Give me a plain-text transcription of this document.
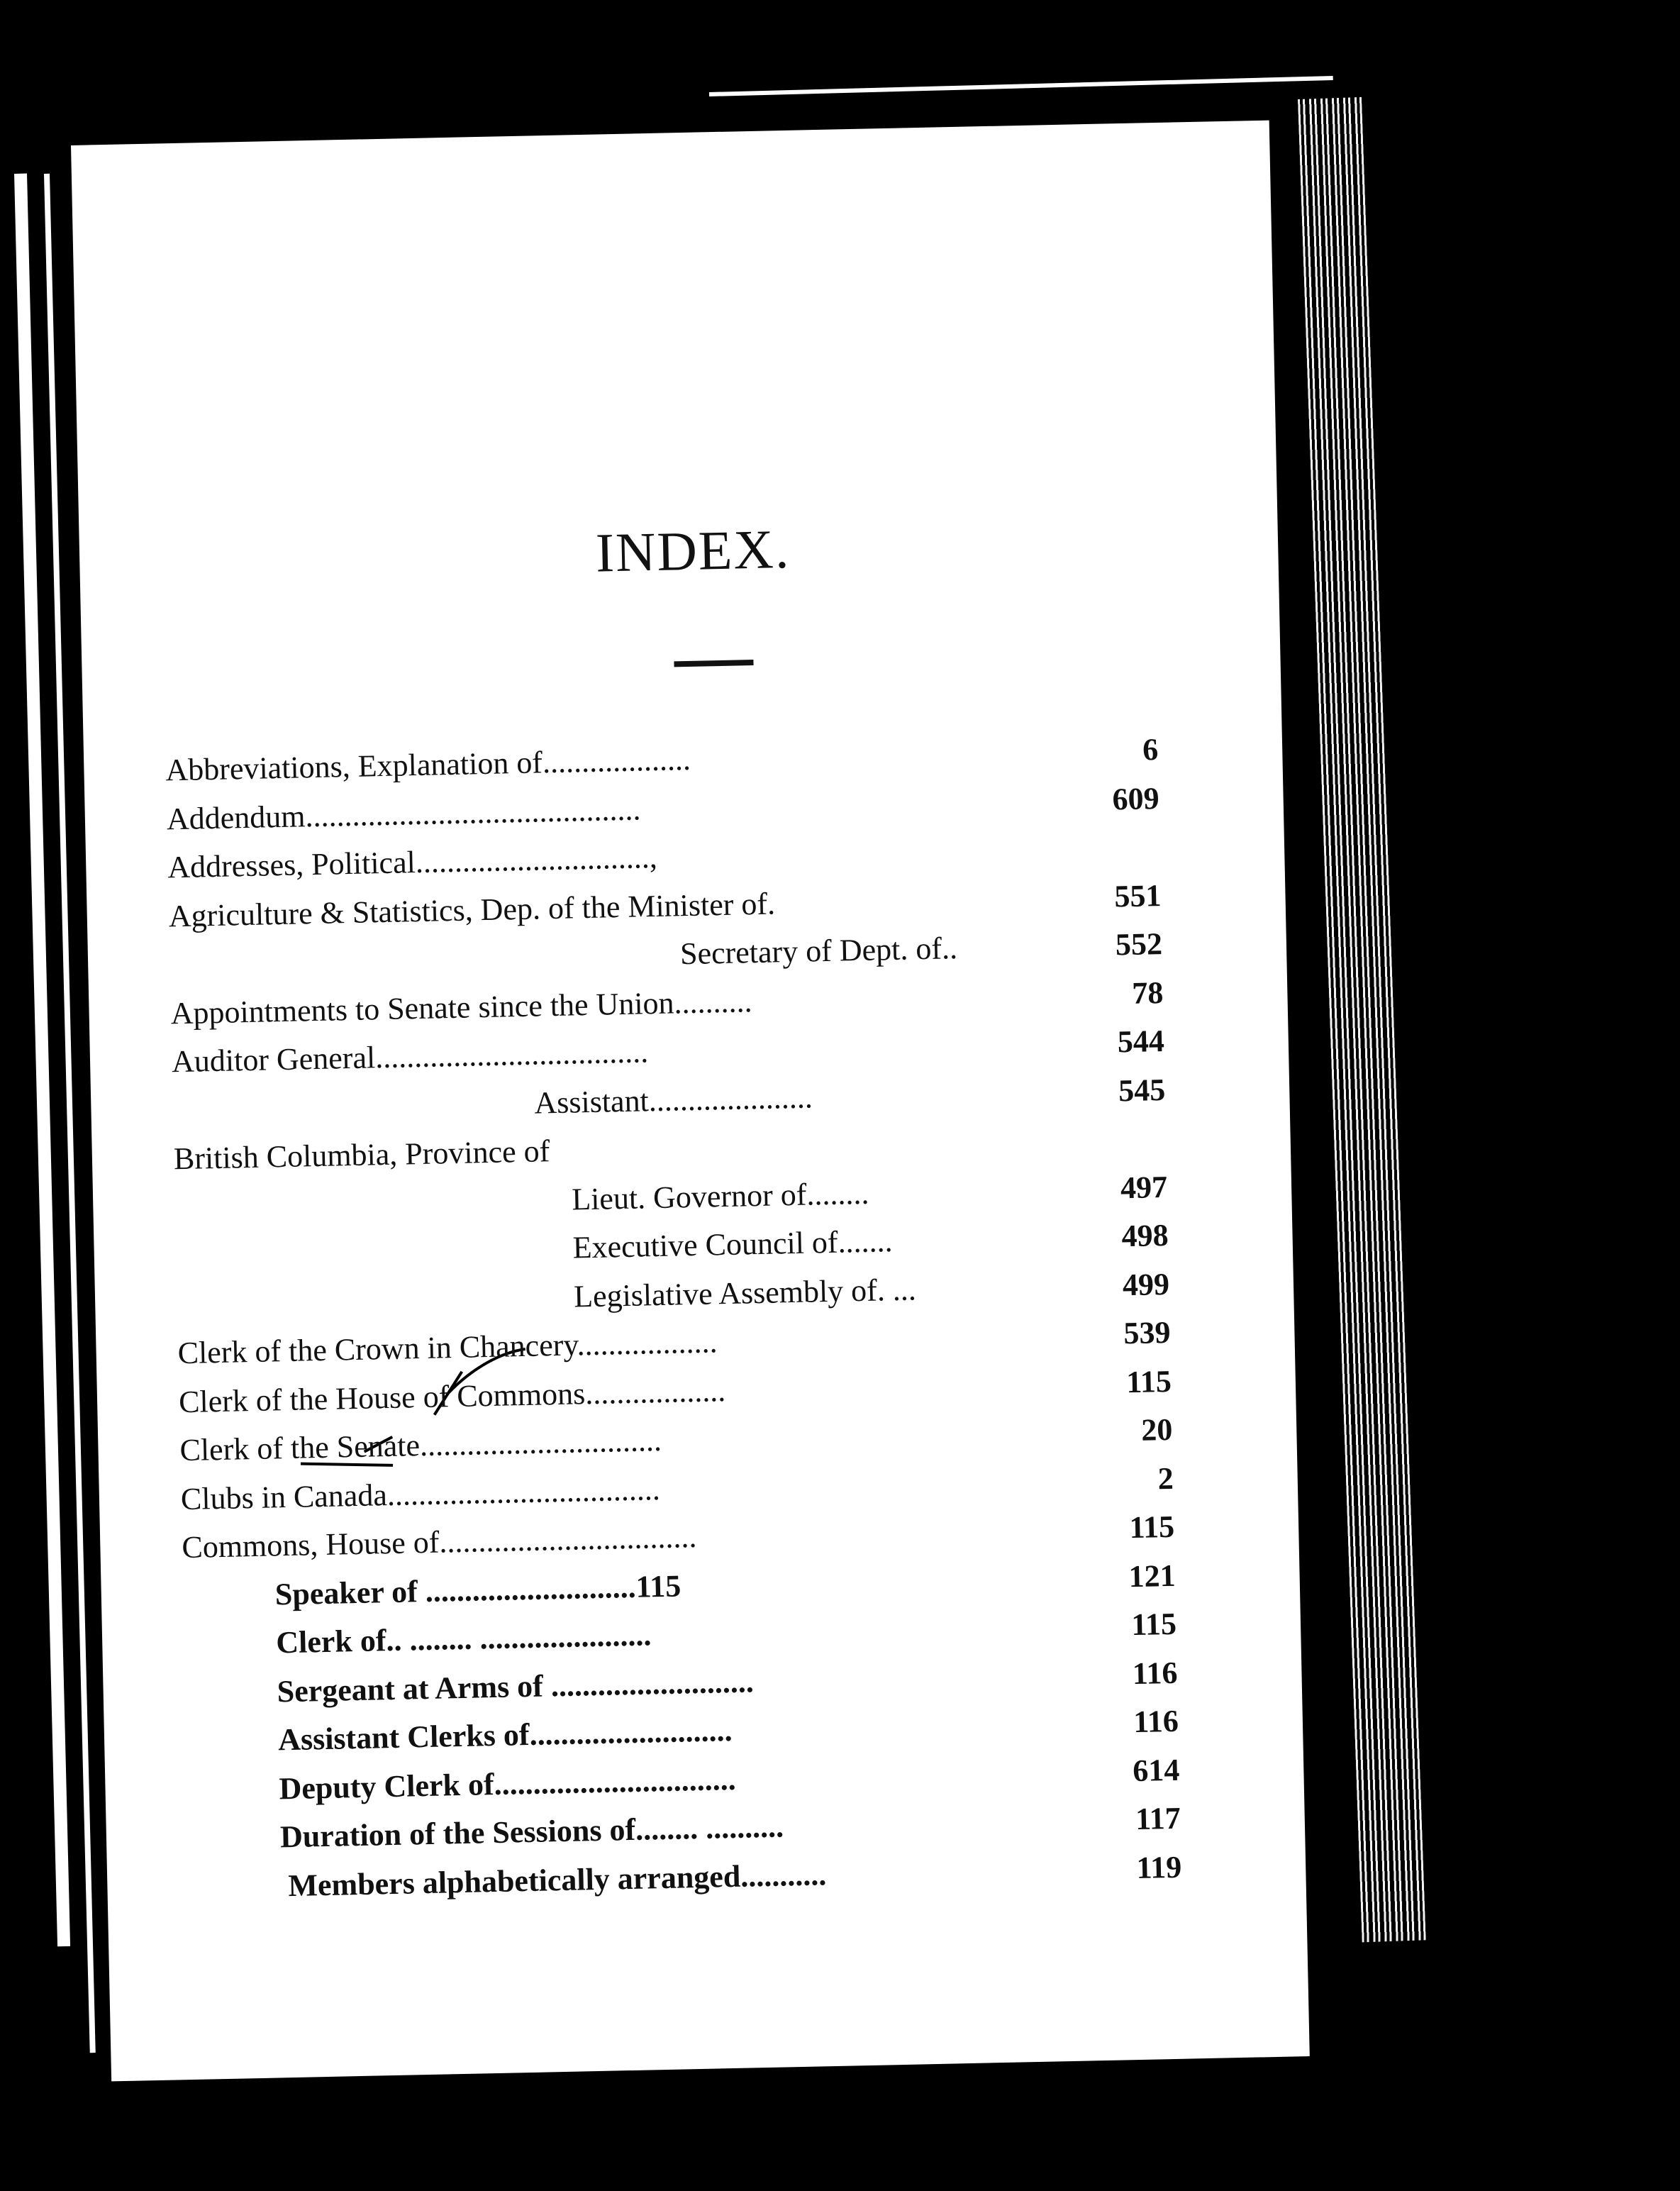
INDEX.
Abbreviations, Explanation of...................	6
Addendum...........................................	609
Addresses, Political..............................,
Agriculture & Statistics, Dep. of the Minister of.	551
Secretary of Dept. of..	552
Appointments to Senate since the Union..........	78
Auditor General...................................	544
Assistant.....................	545
British Columbia, Province of
Lieut. Governor of........	497
Executive Council of.......	498
Legislative Assembly of. ...	499
Clerk of the Crown in Chancery..................	539
Clerk of the House of Commons..................	115
Clerk of the Senate...............................	20
Clubs in Canada...................................	2
Commons, House of.................................	115
Speaker of ...........................115	121
Clerk of.. ........ ......................	115
Sergeant at Arms of ..........................	116
Assistant Clerks of..........................	116
Deputy Clerk of...............................	614
Duration of the Sessions of........ ..........	117
Members alphabetically arranged...........	119
